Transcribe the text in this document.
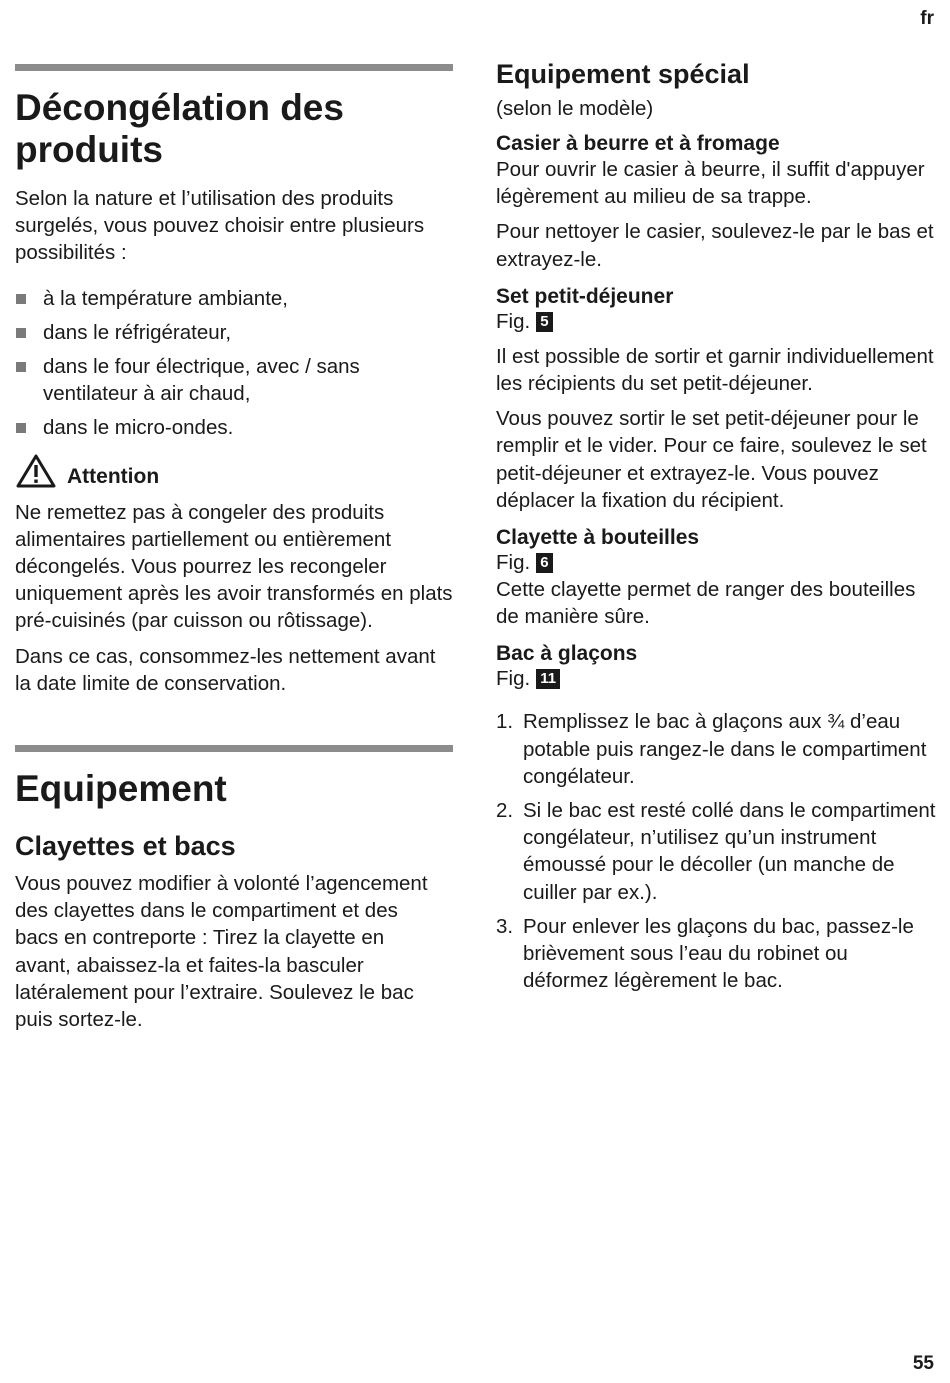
fr
Décongélation des produits

Selon la nature et l’utilisation des produits surgelés, vous pouvez choisir entre plusieurs possibilités :

à la température ambiante,
dans le réfrigérateur,
dans le four électrique, avec / sans ventilateur à air chaud,
dans le micro-ondes.
Attention

Ne remettez pas à congeler des produits alimentaires partiellement ou entièrement décongelés. Vous pourrez les recongeler uniquement après les avoir transformés en plats pré-cuisinés (par cuisson ou rôtissage).

Dans ce cas, consommez-les nettement avant la date limite de conservation.

Equipement
Clayettes et bacs

Vous pouvez modifier à volonté l’agencement des clayettes dans le compartiment et des bacs en contreporte : Tirez la clayette en avant, abaissez-la et faites-la basculer latéralement pour l’extraire. Soulevez le bac puis sortez-le.

Equipement spécial
(selon le modèle)
Casier à beurre et à fromage

Pour ouvrir le casier à beurre, il suffit d'appuyer légèrement au milieu de sa trappe.

Pour nettoyer le casier, soulevez-le par le bas et extrayez-le.

Set petit-déjeuner
Fig. 5

Il est possible de sortir et garnir individuellement les récipients du set petit-déjeuner.

Vous pouvez sortir le set petit-déjeuner pour le remplir et le vider. Pour ce faire, soulevez le set petit-déjeuner et extrayez-le. Vous pouvez déplacer la fixation du récipient.

Clayette à bouteilles
Fig. 6

Cette clayette permet de ranger des bouteilles de manière sûre.

Bac à glaçons
Fig. 11
1. Remplissez le bac à glaçons aux ¾ d’eau potable puis rangez-le dans le compartiment congélateur.
2. Si le bac est resté collé dans le compartiment congélateur, n’utilisez qu’un instrument émoussé pour le décoller (un manche de cuiller par ex.).
3. Pour enlever les glaçons du bac, passez-le brièvement sous l’eau du robinet ou déformez légèrement le bac.
55
